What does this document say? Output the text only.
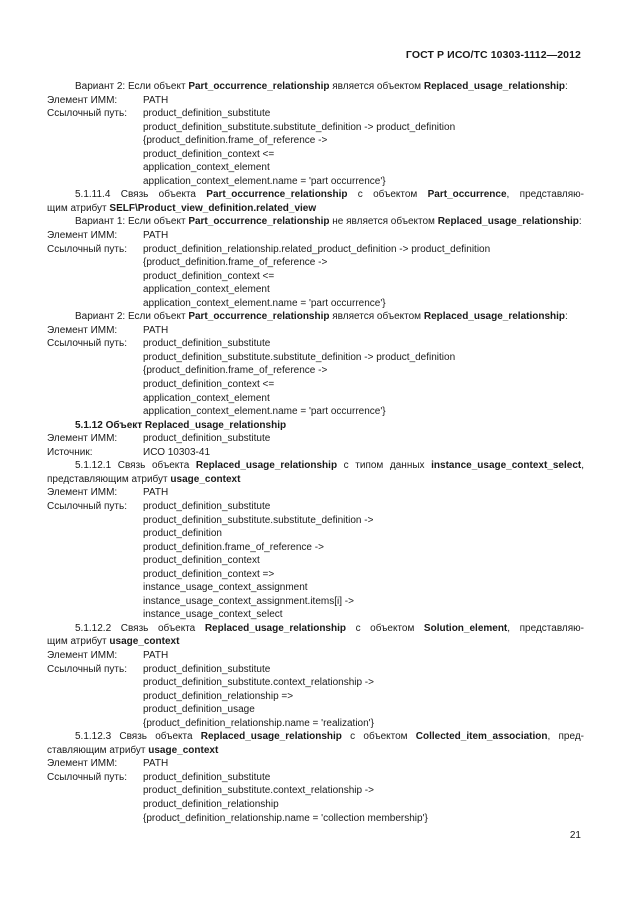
ГОСТ Р ИСО/ТС 10303-1112—2012
Вариант 2: Если объект Part_occurrence_relationship является объектом Replaced_usage_relationship:
Элемент ИММ:	PATH
Ссылочный путь: product_definition_substitute
product_definition_substitute.substitute_definition -> product_definition
{product_definition.frame_of_reference ->
product_definition_context <=
application_context_element
application_context_element.name = 'part occurrence'}
5.1.11.4 Связь объекта Part_occurrence_relationship с объектом Part_occurrence, представляю-
щим атрибут SELF\Product_view_definition.related_view
Вариант 1: Если объект Part_occurrence_relationship не является объектом Replaced_usage_relationship:
Элемент ИММ:	PATH
Ссылочный путь: product_definition_relationship.related_product_definition -> product_definition
{product_definition.frame_of_reference ->
product_definition_context <=
application_context_element
application_context_element.name = 'part occurrence'}
Вариант 2: Если объект Part_occurrence_relationship является объектом Replaced_usage_relationship:
Элемент ИММ:	PATH
Ссылочный путь: product_definition_substitute
product_definition_substitute.substitute_definition -> product_definition
{product_definition.frame_of_reference ->
product_definition_context <=
application_context_element
application_context_element.name = 'part occurrence'}
5.1.12 Объект Replaced_usage_relationship
Элемент ИММ:	product_definition_substitute
Источник:	ИСО 10303-41
5.1.12.1 Связь объекта Replaced_usage_relationship с типом данных instance_usage_context_select,
представляющим атрибут usage_context
Элемент ИММ:	PATH
Ссылочный путь: product_definition_substitute
product_definition_substitute.substitute_definition ->
product_definition
product_definition.frame_of_reference ->
product_definition_context
product_definition_context =>
instance_usage_context_assignment
instance_usage_context_assignment.items[i] ->
instance_usage_context_select
5.1.12.2 Связь объекта Replaced_usage_relationship с объектом Solution_element, представляю-
щим атрибут usage_context
Элемент ИММ:	PATH
Ссылочный путь: product_definition_substitute
product_definition_substitute.context_relationship ->
product_definition_relationship =>
product_definition_usage
{product_definition_relationship.name = 'realization'}
5.1.12.3 Связь объекта Replaced_usage_relationship с объектом Collected_item_association, пред-
ставляющим атрибут usage_context
Элемент ИММ:	PATH
Ссылочный путь: product_definition_substitute
product_definition_substitute.context_relationship ->
product_definition_relationship
{product_definition_relationship.name = 'collection membership'}
21
